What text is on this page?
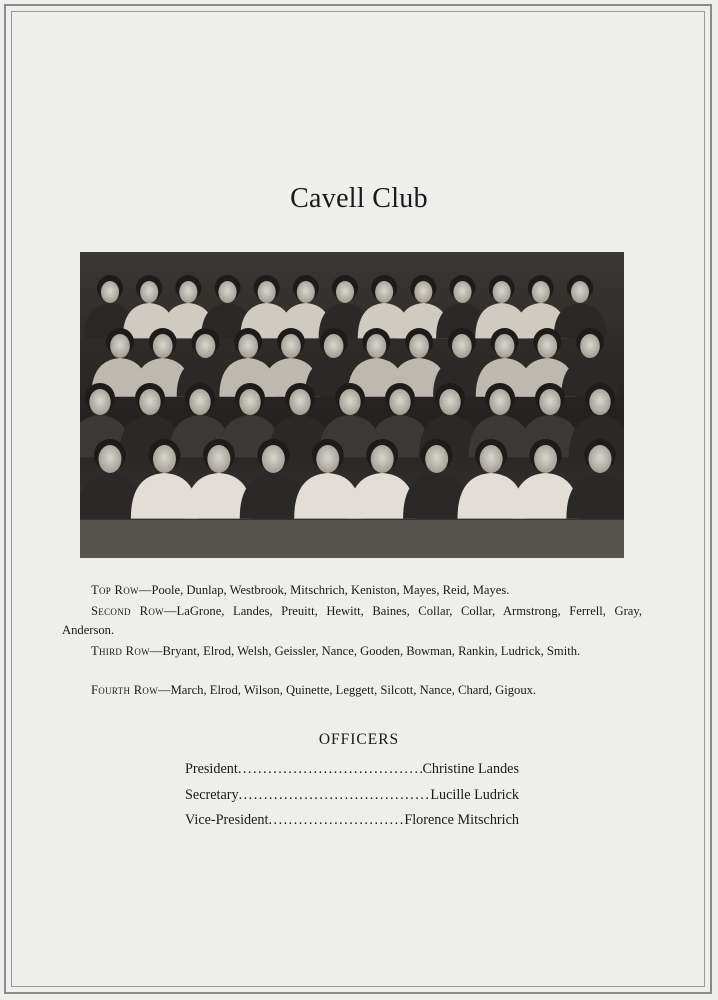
Cavell Club
Top Row—Poole, Dunlap, Westbrook, Mitschrich, Keniston, Mayes, Reid, Mayes.
Second Row—LaGrone, Landes, Preuitt, Hewitt, Baines, Collar, Collar, Armstrong, Ferrell, Gray, Anderson.
Third Row—Bryant, Elrod, Welsh, Geissler, Nance, Gooden, Bowman, Rankin, Ludrick, Smith.
Fourth Row—March, Elrod, Wilson, Quinette, Leggett, Silcott, Nance, Chard, Gigoux.
OFFICERS
President .....	Christine Landes
Secretary .....	Lucille Ludrick
Vice-President .....	Florence Mitschrich
